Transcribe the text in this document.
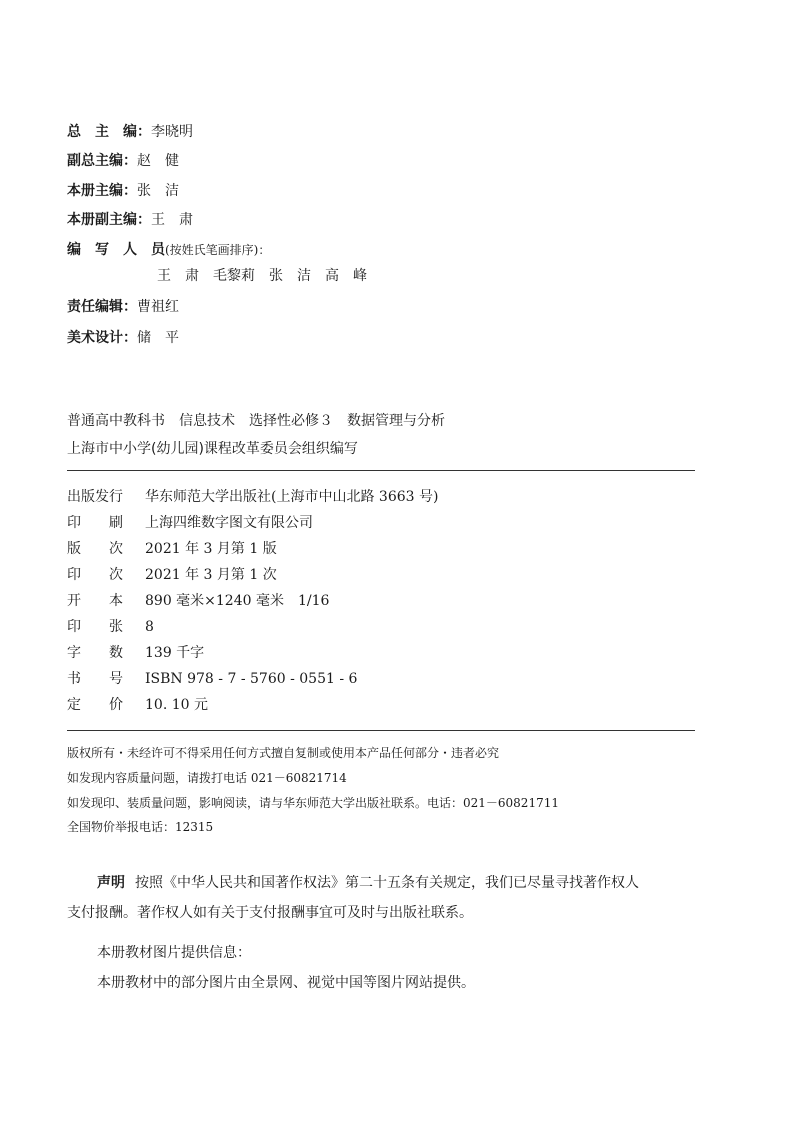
总　主　编：李晓明
副总主编：赵　健
本册主编：张　洁
本册副主编：王　肃
编　写　人　员(按姓氏笔画排序)：
王　肃　毛黎莉　张　洁　高　峰
责任编辑：曹祖红
美术设计：储　平
普通高中教科书　信息技术　选择性必修３　数据管理与分析
上海市中小学(幼儿园)课程改革委员会组织编写
出版发行 华东师范大学出版社(上海市中山北路 3663 号)
印　　刷 上海四维数字图文有限公司
版　　次 2021 年 3 月第 1 版
印　　次 2021 年 3 月第 1 次
开　　本 890 毫米×1240 毫米　1/16
印　　张 8
字　　数 139 千字
书　　号 ISBN 978 - 7 - 5760 - 0551 - 6
定　　价 10. 10 元
版权所有・未经许可不得采用任何方式擅自复制或使用本产品任何部分・违者必究
如发现内容质量问题，请拨打电话 021－60821714
如发现印、装质量问题，影响阅读，请与华东师范大学出版社联系。电话：021－60821711
全国物价举报电话：12315
声明 按照《中华人民共和国著作权法》第二十五条有关规定，我们已尽量寻找著作权人
支付报酬。著作权人如有关于支付报酬事宜可及时与出版社联系。
本册教材图片提供信息：
本册教材中的部分图片由全景网、视觉中国等图片网站提供。
